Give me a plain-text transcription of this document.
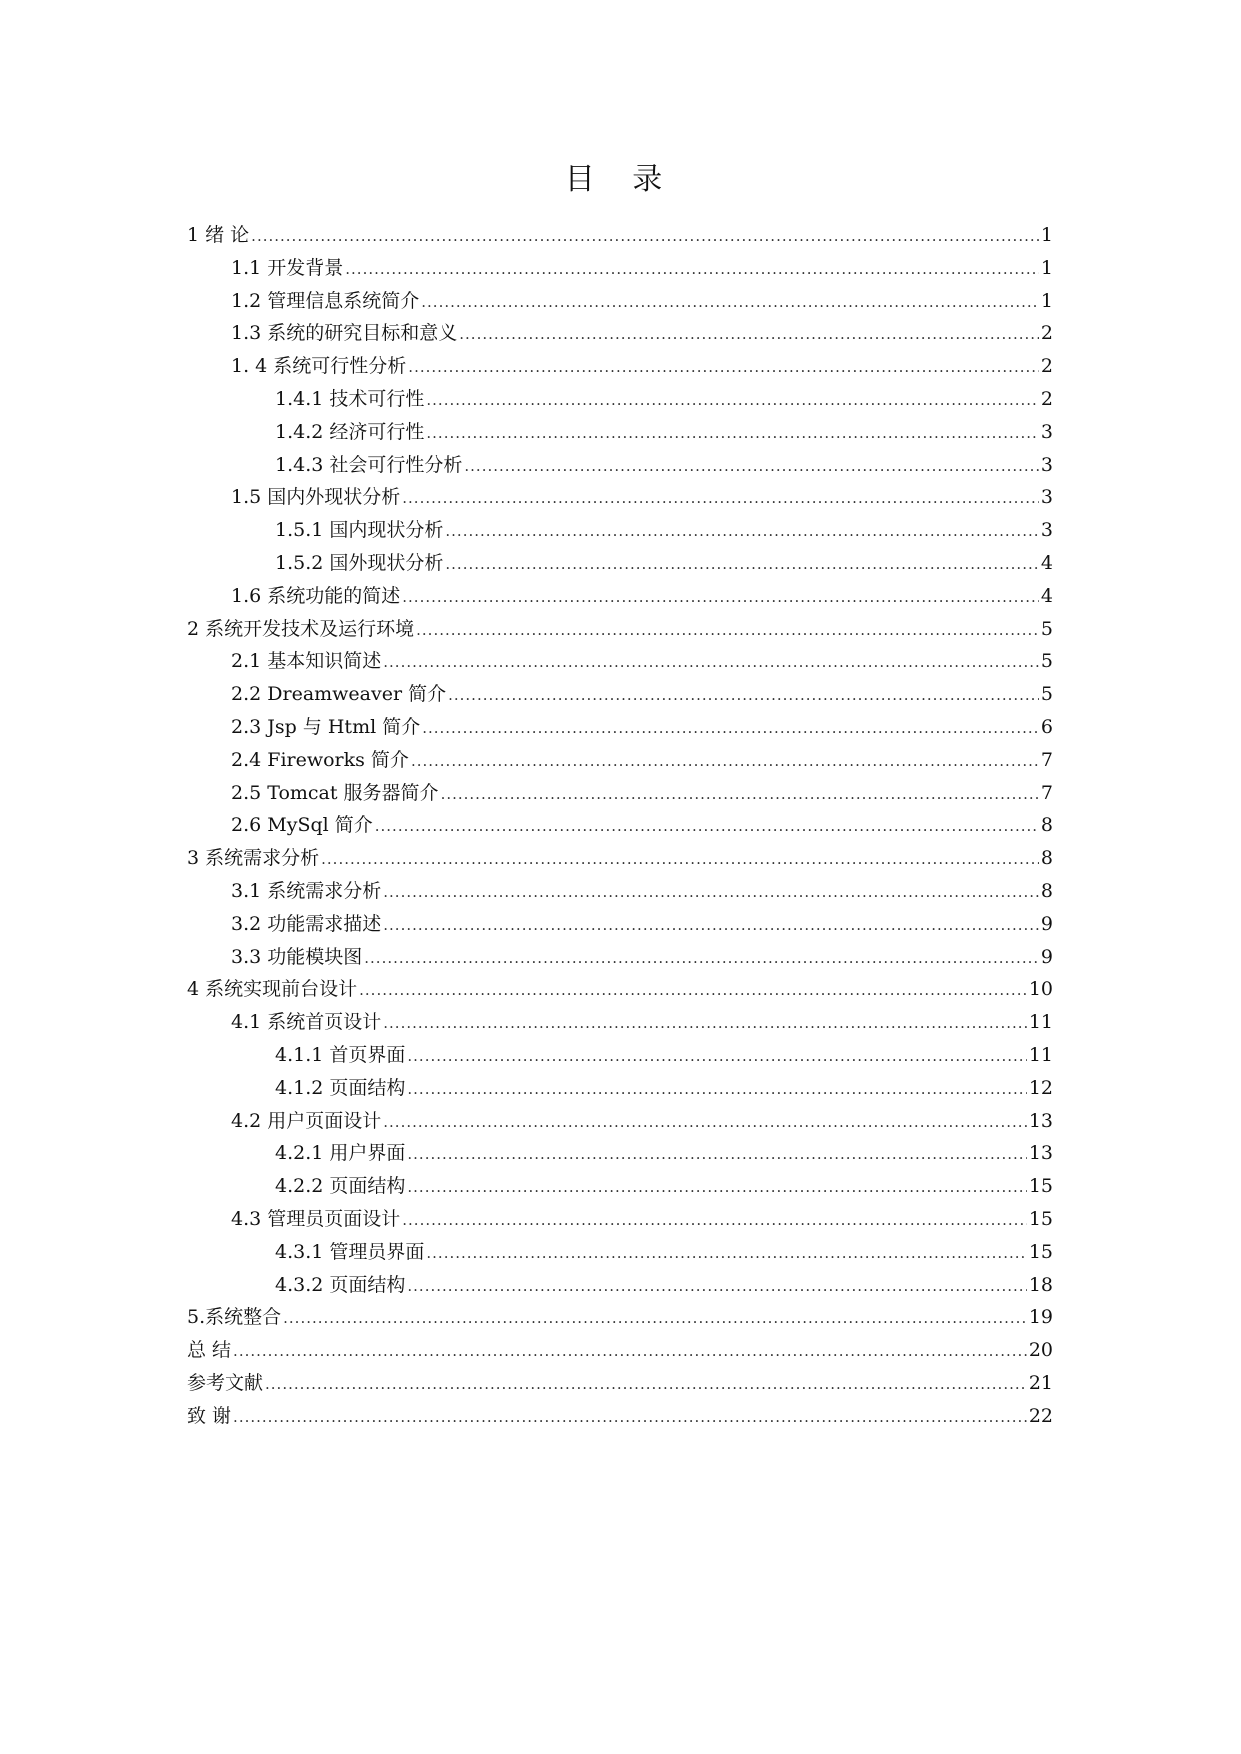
目 录
1 绪 论 .....	1
1.1 开发背景 .....	1
1.2 管理信息系统简介 .....	1
1.3 系统的研究目标和意义 .....	2
1. 4 系统可行性分析 .....	2
1.4.1 技术可行性 .....	2
1.4.2 经济可行性 .....	3
1.4.3 社会可行性分析 .....	3
1.5 国内外现状分析 .....	3
1.5.1 国内现状分析 .....	3
1.5.2 国外现状分析 .....	4
1.6 系统功能的简述 .....	4
2 系统开发技术及运行环境 .....	5
2.1 基本知识简述 .....	5
2.2 Dreamweaver 简介 .....	5
2.3 Jsp 与 Html 简介 .....	6
2.4 Fireworks 简介 .....	7
2.5 Tomcat 服务器简介 .....	7
2.6 MySql 简介 .....	8
3 系统需求分析 .....	8
3.1 系统需求分析 .....	8
3.2 功能需求描述 .....	9
3.3 功能模块图 .....	9
4 系统实现前台设计 .....	10
4.1 系统首页设计 .....	11
4.1.1 首页界面 .....	11
4.1.2 页面结构 .....	12
4.2 用户页面设计 .....	13
4.2.1 用户界面 .....	13
4.2.2 页面结构 .....	15
4.3 管理员页面设计 .....	15
4.3.1 管理员界面 .....	15
4.3.2 页面结构 .....	18
5.系统整合 .....	19
总 结 .....	20
参考文献 .....	21
致 谢 .....	22
